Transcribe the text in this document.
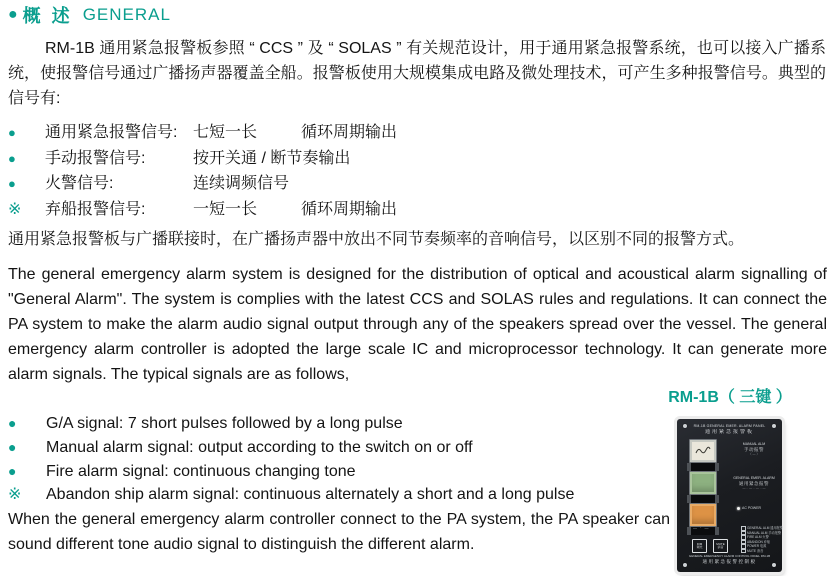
● 概 述 GENERAL

RM-1B 通用紧急报警板参照 “ CCS ” 及 “ SOLAS ” 有关规范设计，用于通用紧急报警系统，也可以接入广播系统，使报警信号通过广播扬声器覆盖全船。报警板使用大规模集成电路及微处理技术，可产生多种报警信号。典型的信号有:

●	通用紧急报警信号: 七短一长	循环周期输出
●	手动报警信号:	按开关通 / 断节奏输出
●	火警信号:	连续调频信号
※	弃船报警信号:	一短一长	循环周期输出

通用紧急报警板与广播联接时，在广播扬声器中放出不同节奏频率的音响信号，以区别不同的报警方式。

The general emergency alarm system is designed for the distribution of optical and acoustical alarm signalling of "General Alarm". The system is complies with the latest CCS and SOLAS rules and regulations. It can connect the PA system to make the alarm audio signal output through any of the speakers spread over the vessel. The general emergency alarm controller is adopted the large scale IC and microprocessor technology. It can generate more alarm signals. The typical signals are as follows,

RM-1B（ 三键 ）
●	G/A signal: 7 short pulses followed by a long pulse
●	Manual alarm signal: output according to the switch on or off
●	Fire alarm signal: continuous changing tone
※	Abandon ship alarm signal: continuous alternately a short and a long pulse

When the general emergency alarm controller connect to the PA system, the PA speaker can sound different tone audio signal to distinguish the different alarm.

RM-1B GENERAL EMER. ALARM PANEL
通用紧急报警板
MANUAL ALM
手动报警
（ — ）
GENERAL EMER. ALARM
通用紧急报警
— ·· — ·· — ·· —
AC POWER
— · —	GENERAL ALM 通用报警
MANUAL ALM 手动报警
FIRE ALM 火警
ABANDON 弃船
POWER 电源
MUTE 消音
DIM
调光
MUTE
消音
GENERAL EMERGENCY ALARM CONTROL PANEL RM-1B
通用紧急报警控制板
